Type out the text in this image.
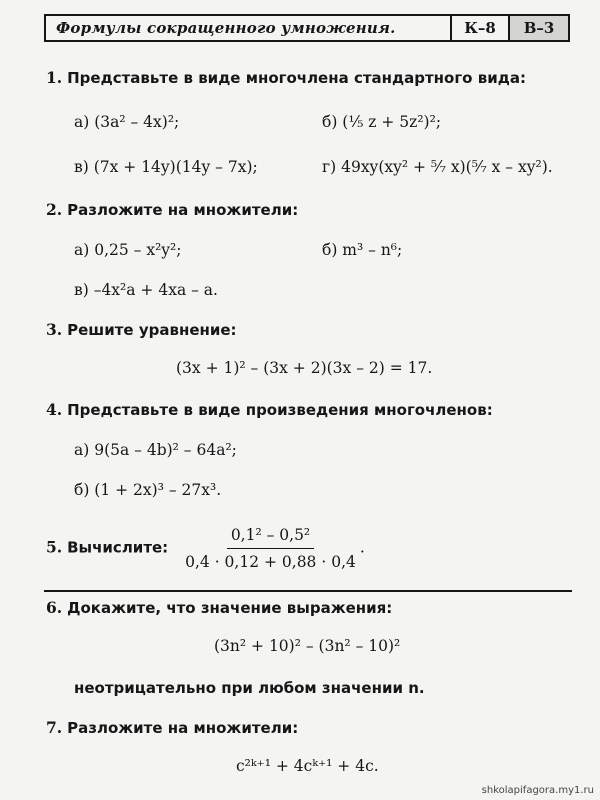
Формулы сокращенного умножения.	К–8	В–3
1. Представьте в виде многочлена стандартного вида:
а) (3a² – 4x)²;	б) (⅕ z + 5z²)²;
в) (7x + 14y)(14y – 7x);	г) 49xy(xy² + ⁵⁄₇ x)(⁵⁄₇ x – xy²).
2. Разложите на множители:
а) 0,25 – x²y²;	б) m³ – n⁶;
в) –4x²a + 4xa – a.
3. Решите уравнение:
(3x + 1)² – (3x + 2)(3x – 2) = 17.
4. Представьте в виде произведения многочленов:
а) 9(5a – 4b)² – 64a²;
б) (1 + 2x)³ – 27x³.
5. Вычислите: $\frac{\text{0,1² – 0,5²}}{0,4 \cdot 0,12 + 0,88 \cdot 0,4}$ .
6. Докажите, что значение выражения:
(3n² + 10)² – (3n² – 10)²
неотрицательно при любом значении n.
7. Разложите на множители:
c²ᵏ⁺¹ + 4cᵏ⁺¹ + 4c.
shkolapifagora.my1.ru
